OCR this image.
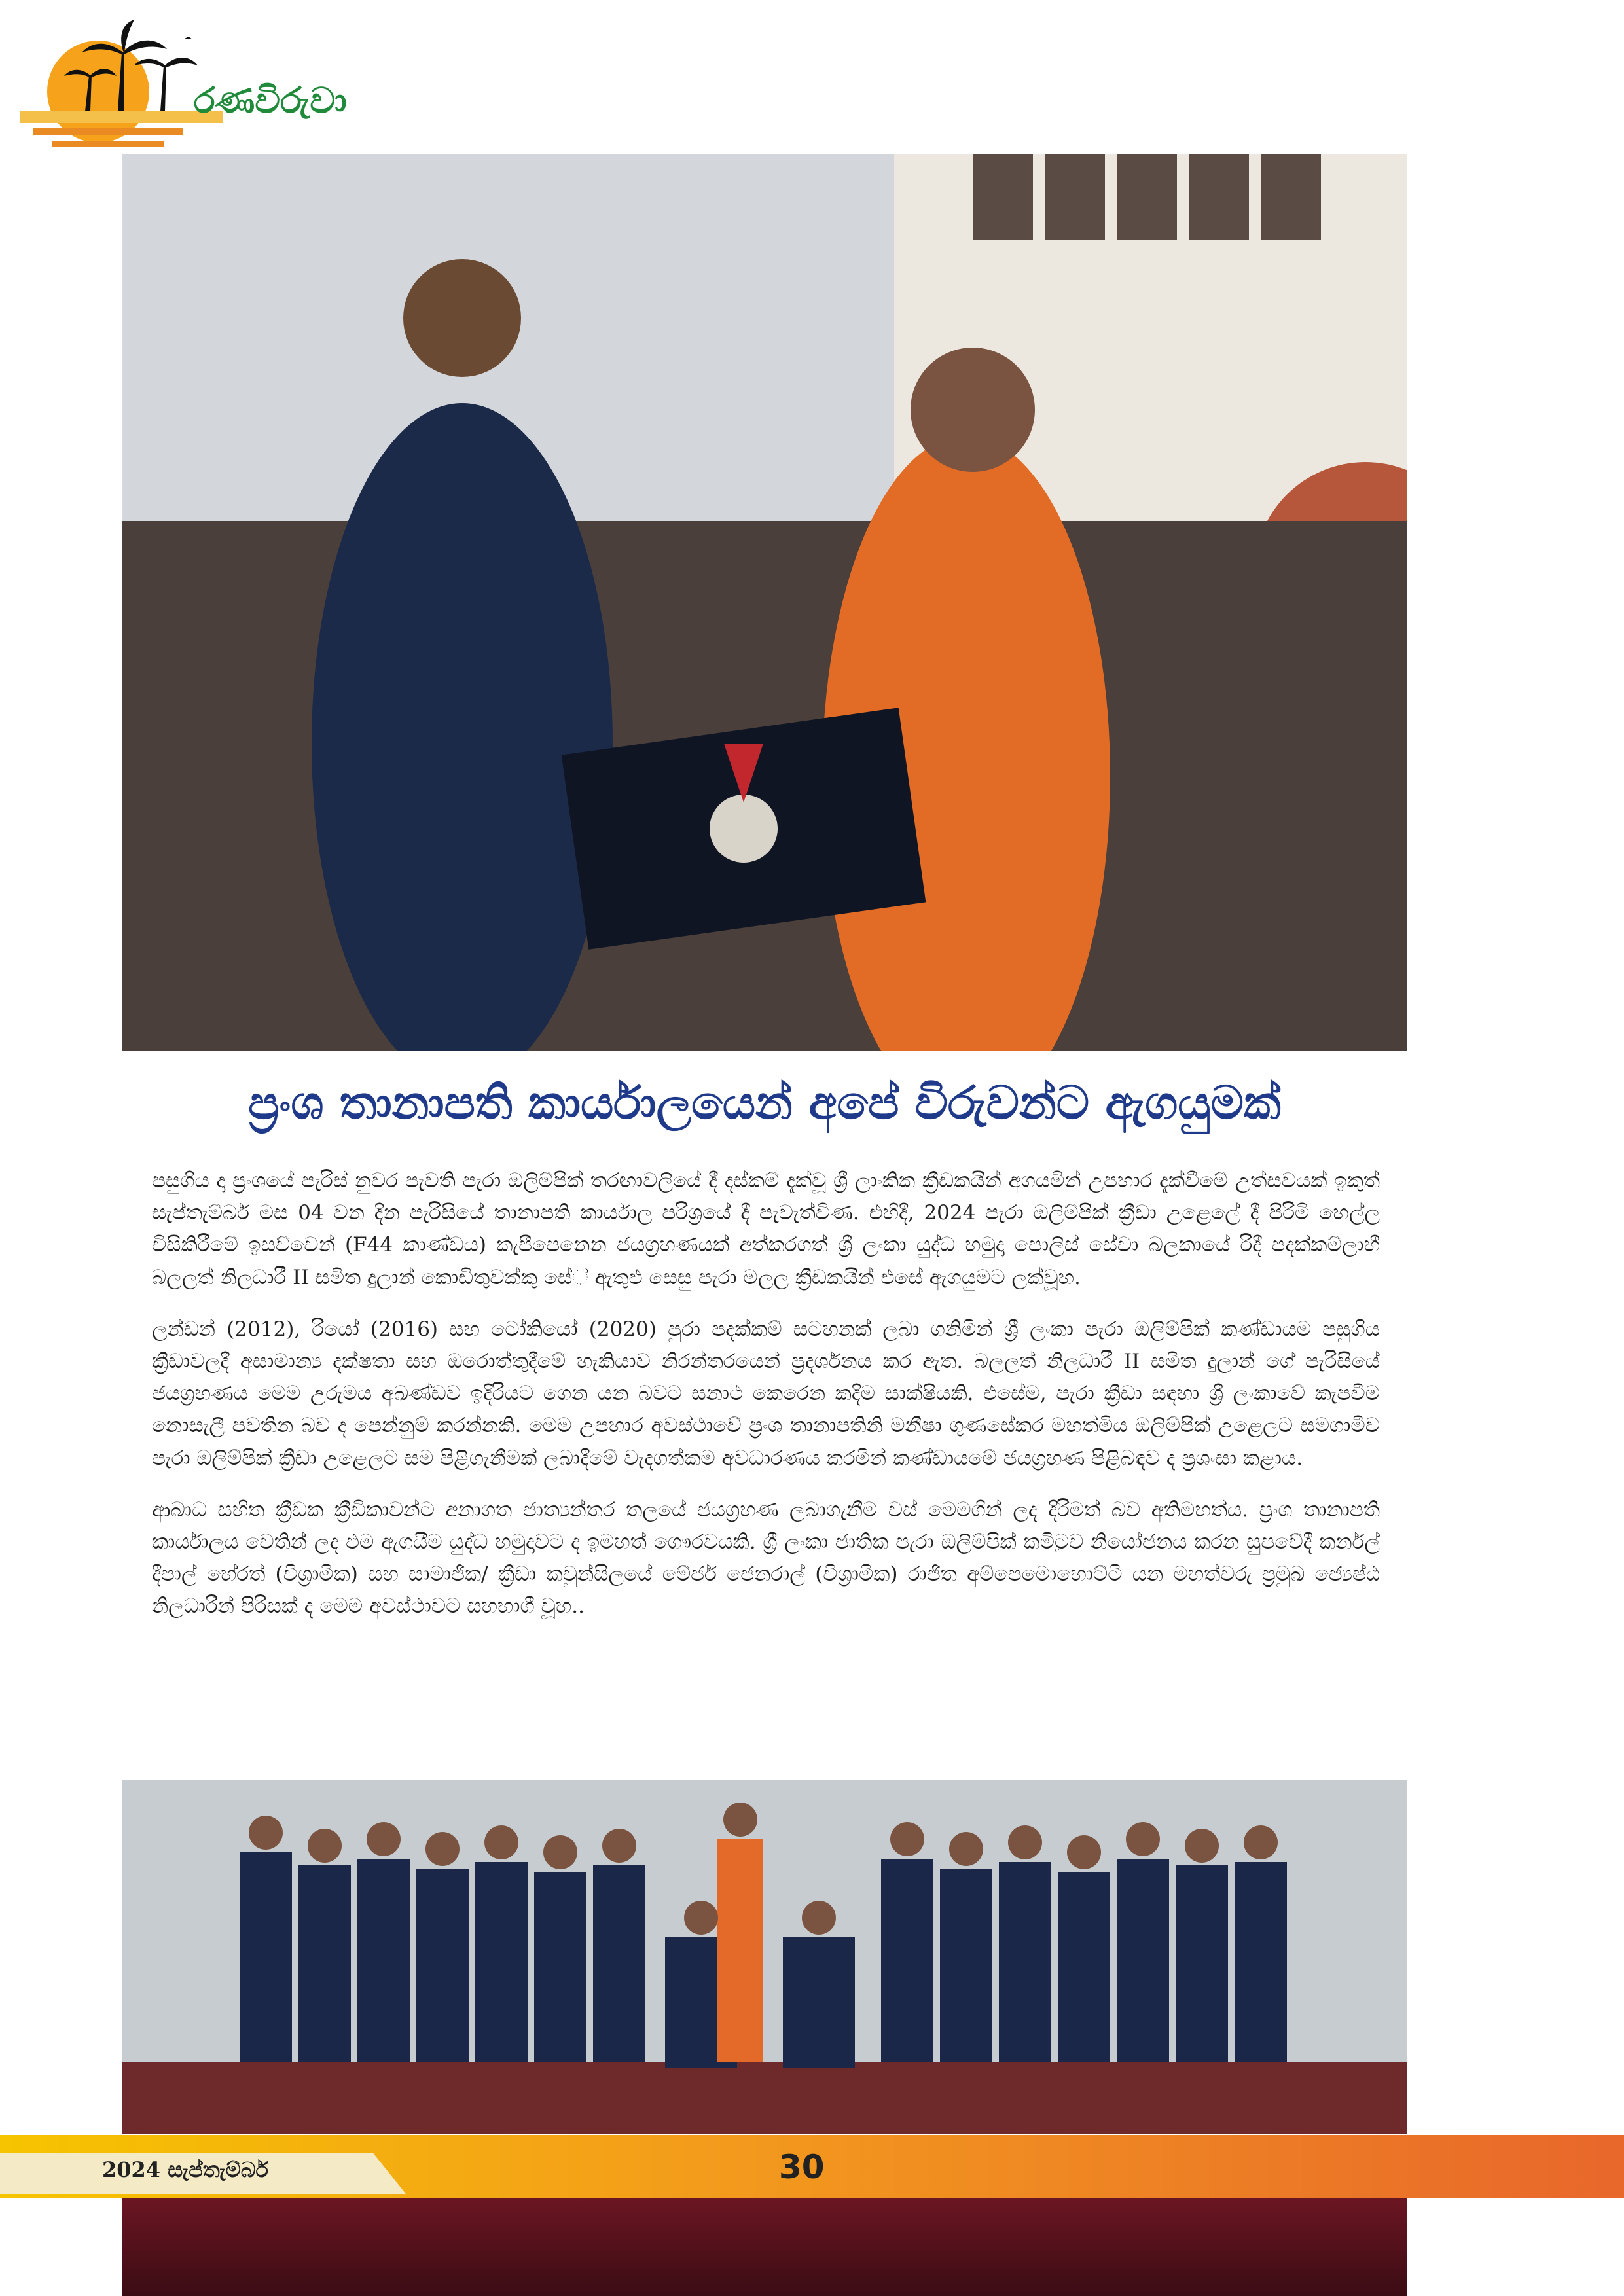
රණවිරුවා
ප්‍රංශ තානාපති කාර්යාලයෙන් අපේ විරුවන්ට ඇගයුමක්

පසුගිය දා ප්‍රංශයේ පැරිස් නුවර පැවති පැරා ඔලිම්පික් තරඟාවලියේ දී දස්කම් දැක්වූ ශ්‍රී ලාංකික ක්‍රීඩකයින් අගයමින් උපහාර දැක්වීමේ උත්සවයක් ඉකුත් සැප්තැම්බර් මස 04 වන දින පැරිසියේ තානාපති කාර්යාල පරිශ්‍රයේ දී පැවැත්විණ. එහිදී, 2024 පැරා ඔලිම්පික් ක්‍රීඩා උළෙලේ දී පිරිමි හෙල්ල විසිකිරීමේ ඉසව්වෙන් (F44 කාණ්ඩය) කැපීපෙනෙන ජයග්‍රහණයක් අත්කරගත් ශ්‍රී ලංකා යුද්ධ හමුදා පොලිස් සේවා බලකායේ රිදී පදක්කම්ලාභී බලලත් නිලධාරී II සමිත දුලාන් කොඩිතුවක්කු සේ් ඇතුළු සෙසු පැරා මලල ක්‍රීඩකයින් එසේ ඇගයුමට ලක්වූහ.

ලන්ඩන් (2012), රියෝ (2016) සහ ටෝකියෝ (2020) පුරා පදක්කම් සටහනක් ලබා ගනිමින් ශ්‍රී ලංකා පැරා ඔලිම්පික් කණ්ඩායම පසුගිය ක්‍රීඩාවලදී අසාමාන්‍ය දක්ෂතා සහ ඔරොත්තුදීමේ හැකියාව නිරන්තරයෙන් ප්‍රදර්ශනය කර ඇත. බලලත් නිලධාරී II සමිත දුලාන් ගේ පැරිසියේ ජයග්‍රහණය මෙම උරුමය අඛණ්ඩව ඉදිරියට ගෙන යන බවට සනාථ කෙරෙන කදිම සාක්ෂියකි. එසේම, පැරා ක්‍රීඩා සඳහා ශ්‍රී ලංකාවේ කැපවීම නොසැලී පවතින බව ද පෙන්නුම් කරන්නකි. මෙම උපහාර අවස්ථාවේ ප්‍රංශ තානාපතිනි මනීෂා ගුණසේකර මහත්මිය ඔලිම්පික් උළෙලට සමගාමීව පැරා ඔලිම්පික් ක්‍රීඩා උළෙලට සම පිළිගැනීමක් ලබාදීමේ වැදගත්කම අවධාරණය කරමින් කණ්ඩායමේ ජයග්‍රහණ පිළිබඳව ද ප්‍රශංසා කළාය.

ආබාධ සහිත ක්‍රීඩක ක්‍රීඩිකාවන්ට අනාගත ජාත්‍යන්තර තලයේ ජයග්‍රහණ ලබාගැනීම වස් මෙමගින් ලද දිරිමත් බව අතිමහත්ය. ප්‍රංශ තානාපති කාර්යාලය වෙතින් ලද එම ඇගයීම යුද්ධ හමුදාවට ද ඉමහත් ගෞරවයකි. ශ්‍රී ලංකා ජාතික පැරා ඔලිම්පික් කමිටුව නියෝජනය කරන සුපවේදී කර්නල් දීපාල් හේරත් (විශ්‍රාමික) සහ සාමාජික/ ක්‍රීඩා කවුන්සිලයේ මේජර් ජෙනරාල් (විශ්‍රාමික) රාජිත අම්පෙමොහොට්ටි යන මහත්වරු ප්‍රමුඛ ජ්‍යෙෂ්ඨ නිලධාරීන් පිරිසක් ද මෙම අවස්ථාවට සහභාගී වූහ..

2024 සැප්තැම්බර්	30
